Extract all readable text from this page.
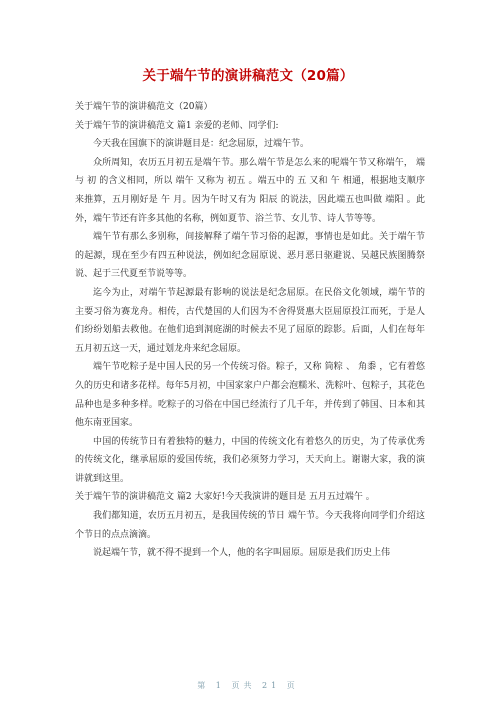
关于端午节的演讲稿范文（20篇）

关于端午节的演讲稿范文（20篇）

关于端午节的演讲稿范文 篇1 亲爱的老师、同学们:

今天我在国旗下的演讲题目是：纪念屈原，过端午节。

众所周知，农历五月初五是端午节。那么端午节是怎么来的呢端午节又称端午， 端 与 初 的含义相同，所以 端午 又称为 初五 。端五中的 五 又和 午 相通，根据地支顺序来推算，五月刚好是 午 月。因为午时又有为 阳辰 的说法，因此端五也叫做 端阳 。此外，端午节还有许多其他的名称，例如夏节、浴兰节、女儿节、诗人节等等。

端午节有那么多别称，间接解释了端午节习俗的起源，事情也是如此。关于端午节的起源，现在至少有四五种说法，例如纪念屈原说、恶月恶日驱避说、吴越民族图腾祭说、起于三代夏至节说等等。

迄今为止，对端午节起源最有影响的说法是纪念屈原。在民俗文化领域，端午节的主要习俗为赛龙舟。相传，古代楚国的人们因为不舍得贤惠大臣屈原投江而死，于是人们纷纷划船去救他。在他们追到洞庭湖的时候去不见了屈原的踪影。后面，人们在每年五月初五这一天，通过划龙舟来纪念屈原。

端午节吃粽子是中国人民的另一个传统习俗。粽子，又称 筒粽 、 角黍 ，它有着悠久的历史和诸多花样。每年5月初，中国家家户户都会泡糯米、洗粽叶、包粽子，其花色品种也是多种多样。吃粽子的习俗在中国已经流行了几千年，并传到了韩国、日本和其他东南亚国家。

中国的传统节日有着独特的魅力，中国的传统文化有着悠久的历史，为了传承优秀的传统文化，继承屈原的爱国传统，我们必须努力学习，天天向上。谢谢大家，我的演讲就到这里。

关于端午节的演讲稿范文 篇2 大家好!今天我演讲的题目是 五月五过端午 。

我们都知道，农历五月初五，是我国传统的节日 端午节。今天我将向同学们介绍这个节日的点点滴滴。

说起端午节，就不得不提到一个人，他的名字叫屈原。屈原是我们历史上伟

第 1 页共 21 页
